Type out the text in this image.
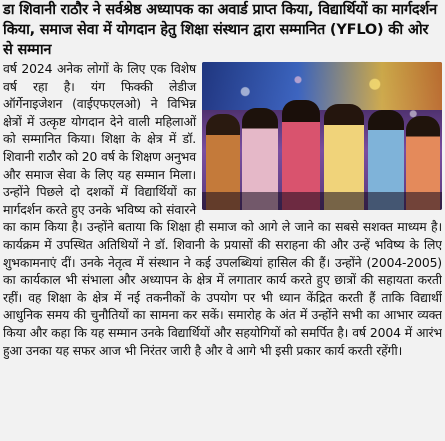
डा शिवानी राठौर ने सर्वश्रेष्ठ अध्यापक का अवार्ड प्राप्त किया, विद्यार्थियों का मार्गदर्शन किया, समाज सेवा में योगदान हेतु शिक्षा संस्थान द्वारा सम्मानित (YFLO) की ओर से सम्मान

वर्ष 2024 अनेक लोगों के लिए एक विशेष वर्ष रहा है। यंग फिक्की लेडीज ऑर्गेनाइजेशन (वाईएफएलओ) ने विभिन्न क्षेत्रों में उत्कृष्ट योगदान देने वाली महिलाओं को सम्मानित किया। शिक्षा के क्षेत्र में डॉ. शिवानी राठौर को 20 वर्ष के शिक्षण अनुभव और समाज सेवा के लिए यह सम्मान मिला। उन्होंने पिछले दो दशकों में विद्यार्थियों का मार्गदर्शन करते हुए उनके भविष्य को संवारने का काम किया है। उन्होंने बताया कि शिक्षा ही समाज को आगे ले जाने का सबसे सशक्त माध्यम है। कार्यक्रम में उपस्थित अतिथियों ने डॉ. शिवानी के प्रयासों की सराहना की और उन्हें भविष्य के लिए शुभकामनाएं दीं। उनके नेतृत्व में संस्थान ने कई उपलब्धियां हासिल की हैं। उन्होंने (2004-2005) का कार्यकाल भी संभाला और अध्यापन के क्षेत्र में लगातार कार्य करते हुए छात्रों की सहायता करती रहीं। वह शिक्षा के क्षेत्र में नई तकनीकों के उपयोग पर भी ध्यान केंद्रित करती हैं ताकि विद्यार्थी आधुनिक समय की चुनौतियों का सामना कर सकें। समारोह के अंत में उन्होंने सभी का आभार व्यक्त किया और कहा कि यह सम्मान उनके विद्यार्थियों और सहयोगियों को समर्पित है। वर्ष 2004 में आरंभ हुआ उनका यह सफर आज भी निरंतर जारी है और वे आगे भी इसी प्रकार कार्य करती रहेंगी।
